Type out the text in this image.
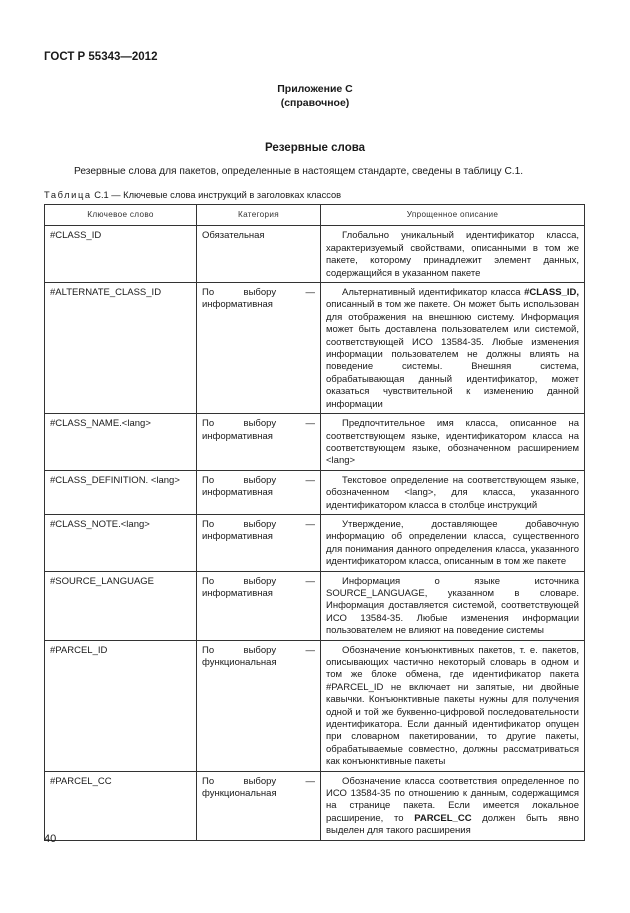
ГОСТ Р 55343—2012
Приложение С
(справочное)
Резервные слова
Резервные слова для пакетов, определенные в настоящем стандарте, сведены в таблицу С.1.
Таблица С.1 — Ключевые слова инструкций в заголовках классов
Ключевое слово	Категория	Упрощенное описание
#CLASS_ID	Обязательная	Глобально уникальный идентификатор класса, характеризуемый свойствами, описанными в том же пакете, которому принадлежит элемент данных, содержащийся в указанном пакете
#ALTERNATE_CLASS_ID	По выбору — информативная	Альтернативный идентификатор класса #CLASS_ID, описанный в том же пакете. Он может быть использован для отображения на внешнюю систему. Информация может быть доставлена пользователем или системой, соответствующей ИСО 13584-35. Любые изменения информации пользователем не должны влиять на поведение системы. Внешняя система, обрабатывающая данный идентификатор, может оказаться чувствительной к изменению данной информации
#CLASS_NAME.<lang>	По выбору — информативная	Предпочтительное имя класса, описанное на соответствующем языке, идентификатором класса на соответствующем языке, обозначенном расширением <lang>
#CLASS_DEFINITION. <lang>	По выбору — информативная	Текстовое определение на соответствующем языке, обозначенном <lang>, для класса, указанного идентификатором класса в столбце инструкций
#CLASS_NOTE.<lang>	По выбору — информативная	Утверждение, доставляющее добавочную информацию об определении класса, существенного для понимания данного определения класса, указанного идентификатором класса, описанным в том же пакете
#SOURCE_LANGUAGE	По выбору — информативная	Информация о языке источника SOURCE_LANGUAGE, указанном в словаре. Информация доставляется системой, соответствующей ИСО 13584-35. Любые изменения информации пользователем не влияют на поведение системы
#PARCEL_ID	По выбору — функциональная	Обозначение конъюнктивных пакетов, т. е. пакетов, описывающих частично некоторый словарь в одном и том же блоке обмена, где идентификатор пакета #PARCEL_ID не включает ни запятые, ни двойные кавычки. Конъюнктивные пакеты нужны для получения одной и той же буквенно-цифровой последовательности идентификатора. Если данный идентификатор опущен при словарном пакетировании, то другие пакеты, обрабатываемые совместно, должны рассматриваться как конъюнктивные пакеты
#PARCEL_CC	По выбору — функциональная	Обозначение класса соответствия определенное по ИСО 13584-35 по отношению к данным, содержащимся на странице пакета. Если имеется локальное расширение, то PARCEL_CC должен быть явно выделен для такого расширения
40
